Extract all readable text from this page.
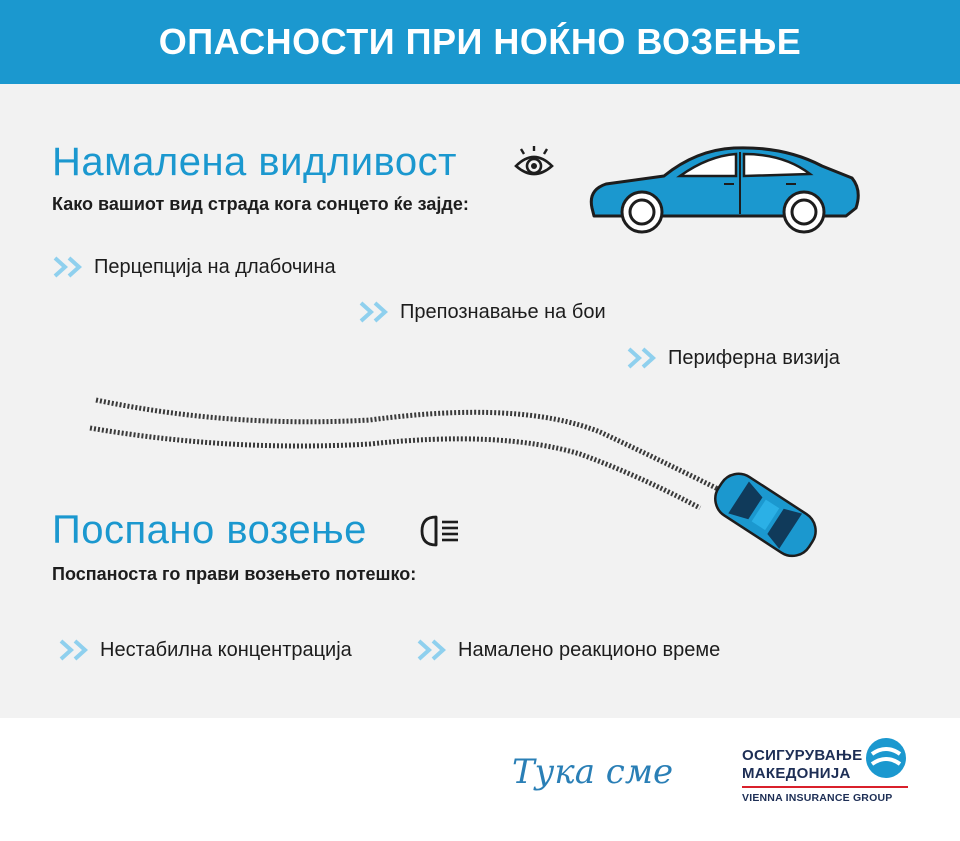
ОПАСНОСТИ ПРИ НОЌНО ВОЗЕЊЕ
Намалена видливост
Како вашиот вид страда кога сонцето ќе зајде:
Перцепција на длабочина
Препознавање на бои
Периферна визија
Поспано возење
Поспаноста го прави возењето потешко:
Нестабилна концентрација	Намалено реакционо време
Тука сме	ОСИГУРУВАЊЕ
МАКЕДОНИЈА
VIENNA INSURANCE GROUP
